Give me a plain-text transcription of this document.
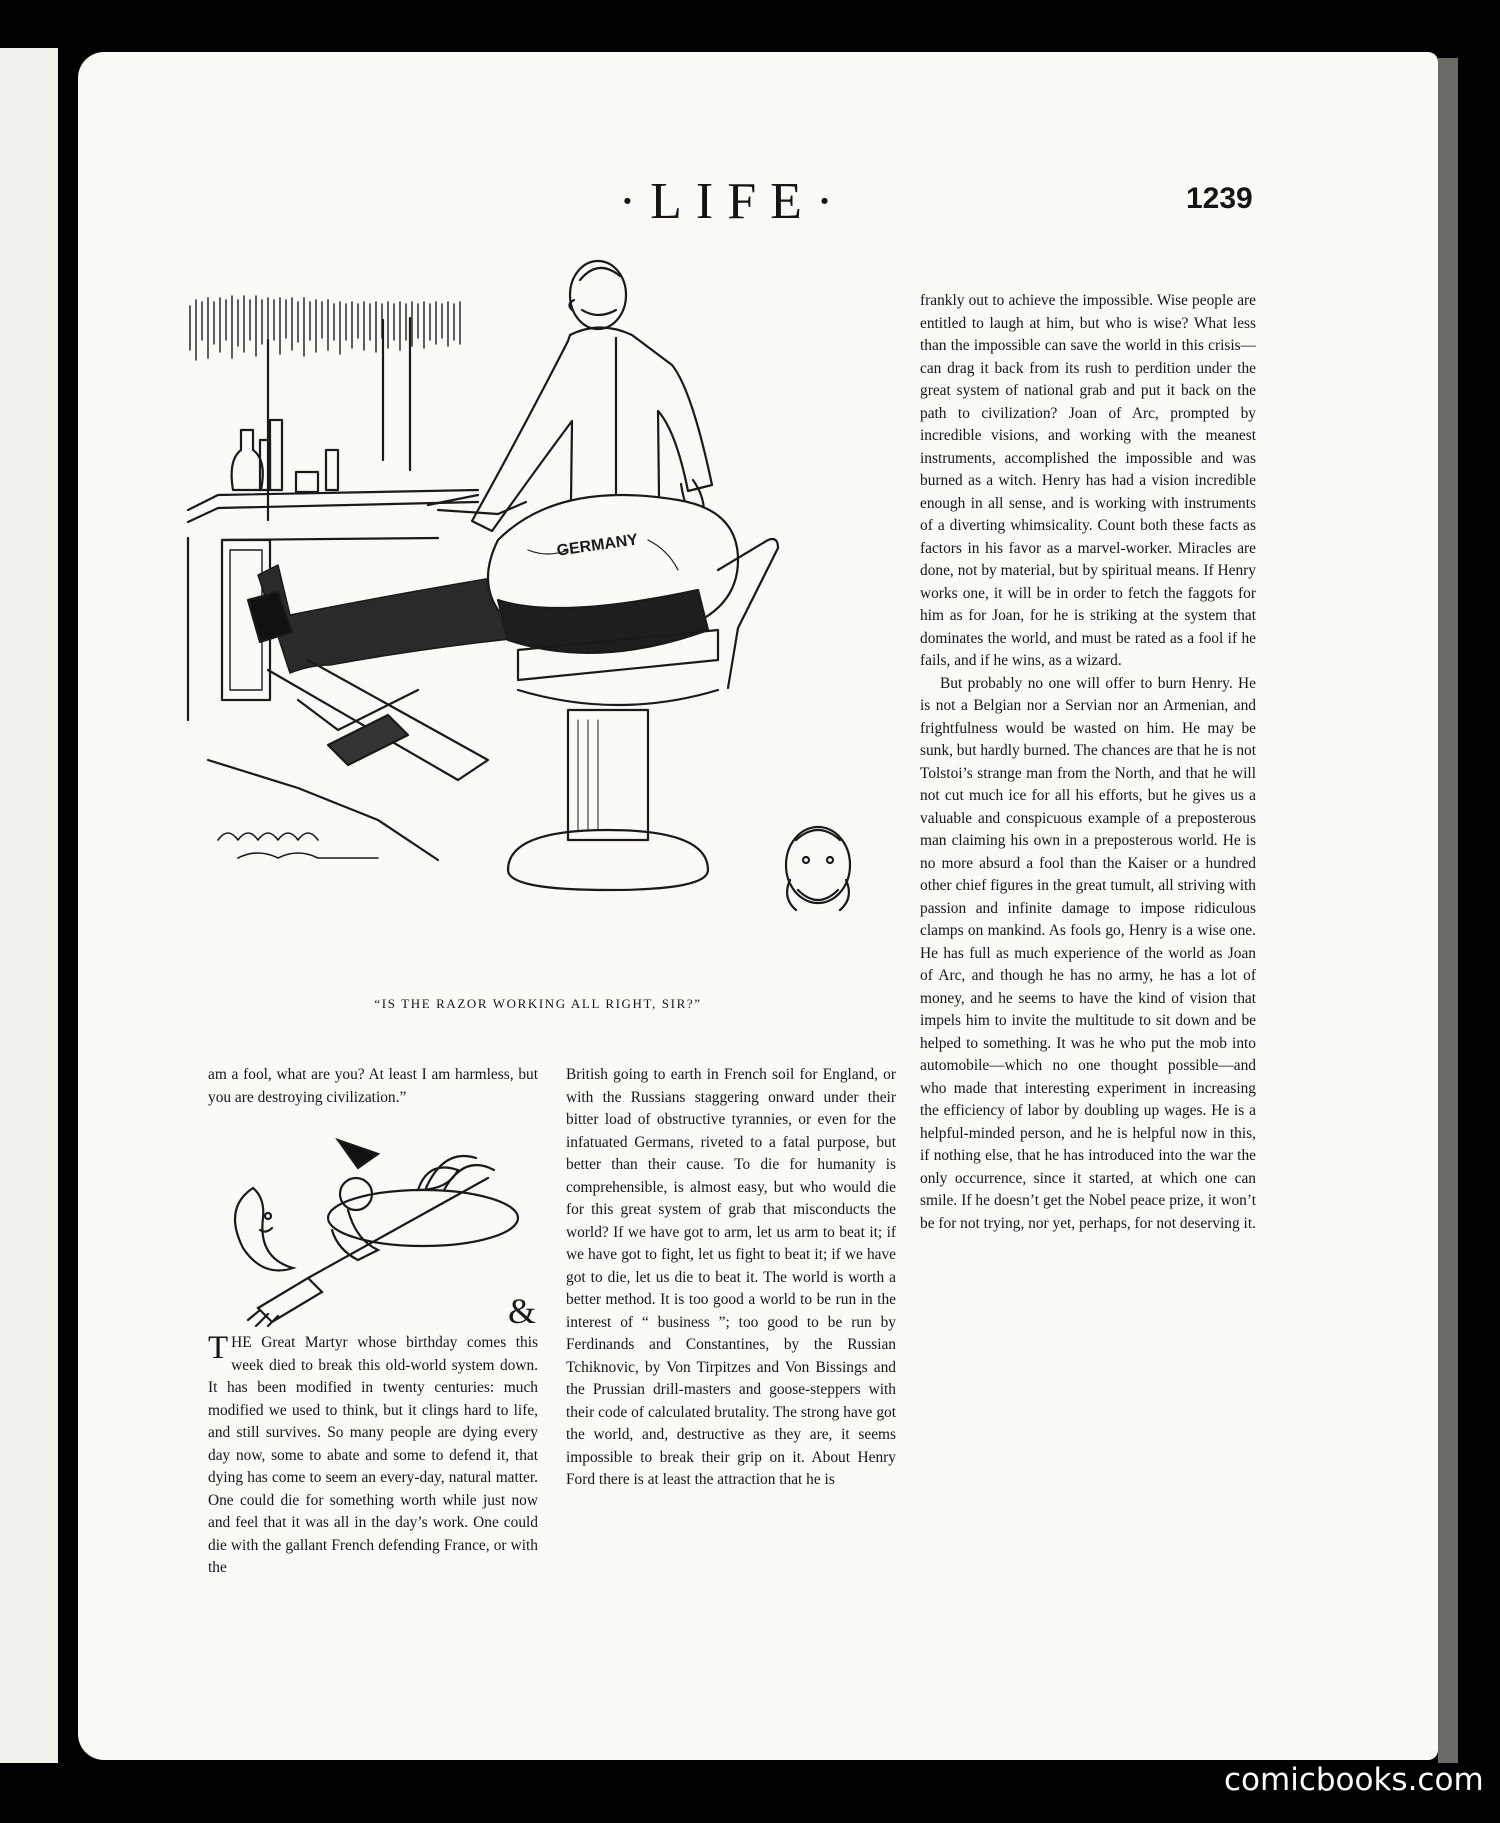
·LIFE·	1239
GERMANY
“IS THE RAZOR WORKING ALL RIGHT, SIR?”

am a fool, what are you? At least I am harmless, but you are destroying civilization.”

&

THE Great Martyr whose birthday comes this week died to break this old-world system down. It has been modified in twenty centuries: much modified we used to think, but it clings hard to life, and still survives. So many people are dying every day now, some to abate and some to defend it, that dying has come to seem an every-day, natural matter. One could die for something worth while just now and feel that it was all in the day’s work. One could die with the gallant French defending France, or with the

British going to earth in French soil for England, or with the Russians staggering onward under their bitter load of obstructive tyrannies, or even for the infatuated Germans, riveted to a fatal purpose, but better than their cause. To die for humanity is comprehensible, is almost easy, but who would die for this great system of grab that misconducts the world? If we have got to arm, let us arm to beat it; if we have got to fight, let us fight to beat it; if we have got to die, let us die to beat it. The world is worth a better method. It is too good a world to be run in the interest of “ business ”; too good to be run by Ferdinands and Constantines, by the Russian Tchiknovic, by Von Tirpitzes and Von Bissings and the Prussian drill-masters and goose-steppers with their code of calculated brutality. The strong have got the world, and, destructive as they are, it seems impossible to break their grip on it. About Henry Ford there is at least the attraction that he is

frankly out to achieve the impossible. Wise people are entitled to laugh at him, but who is wise? What less than the impossible can save the world in this crisis—can drag it back from its rush to perdition under the great system of national grab and put it back on the path to civilization? Joan of Arc, prompted by incredible visions, and working with the meanest instruments, accomplished the impossible and was burned as a witch. Henry has had a vision incredible enough in all sense, and is working with instruments of a diverting whimsicality. Count both these facts as factors in his favor as a marvel-worker. Miracles are done, not by material, but by spiritual means. If Henry works one, it will be in order to fetch the faggots for him as for Joan, for he is striking at the system that dominates the world, and must be rated as a fool if he fails, and if he wins, as a wizard.

But probably no one will offer to burn Henry. He is not a Belgian nor a Servian nor an Armenian, and frightfulness would be wasted on him. He may be sunk, but hardly burned. The chances are that he is not Tolstoi’s strange man from the North, and that he will not cut much ice for all his efforts, but he gives us a valuable and conspicuous example of a preposterous man claiming his own in a preposterous world. He is no more absurd a fool than the Kaiser or a hundred other chief figures in the great tumult, all striving with passion and infinite damage to impose ridiculous clamps on mankind. As fools go, Henry is a wise one. He has full as much experience of the world as Joan of Arc, and though he has no army, he has a lot of money, and he seems to have the kind of vision that impels him to invite the multitude to sit down and be helped to something. It was he who put the mob into automobile—which no one thought possible—and who made that interesting experiment in increasing the efficiency of labor by doubling up wages. He is a helpful-minded person, and he is helpful now in this, if nothing else, that he has introduced into the war the only occurrence, since it started, at which one can smile. If he doesn’t get the Nobel peace prize, it won’t be for not trying, nor yet, perhaps, for not deserving it.

comicbooks.com
